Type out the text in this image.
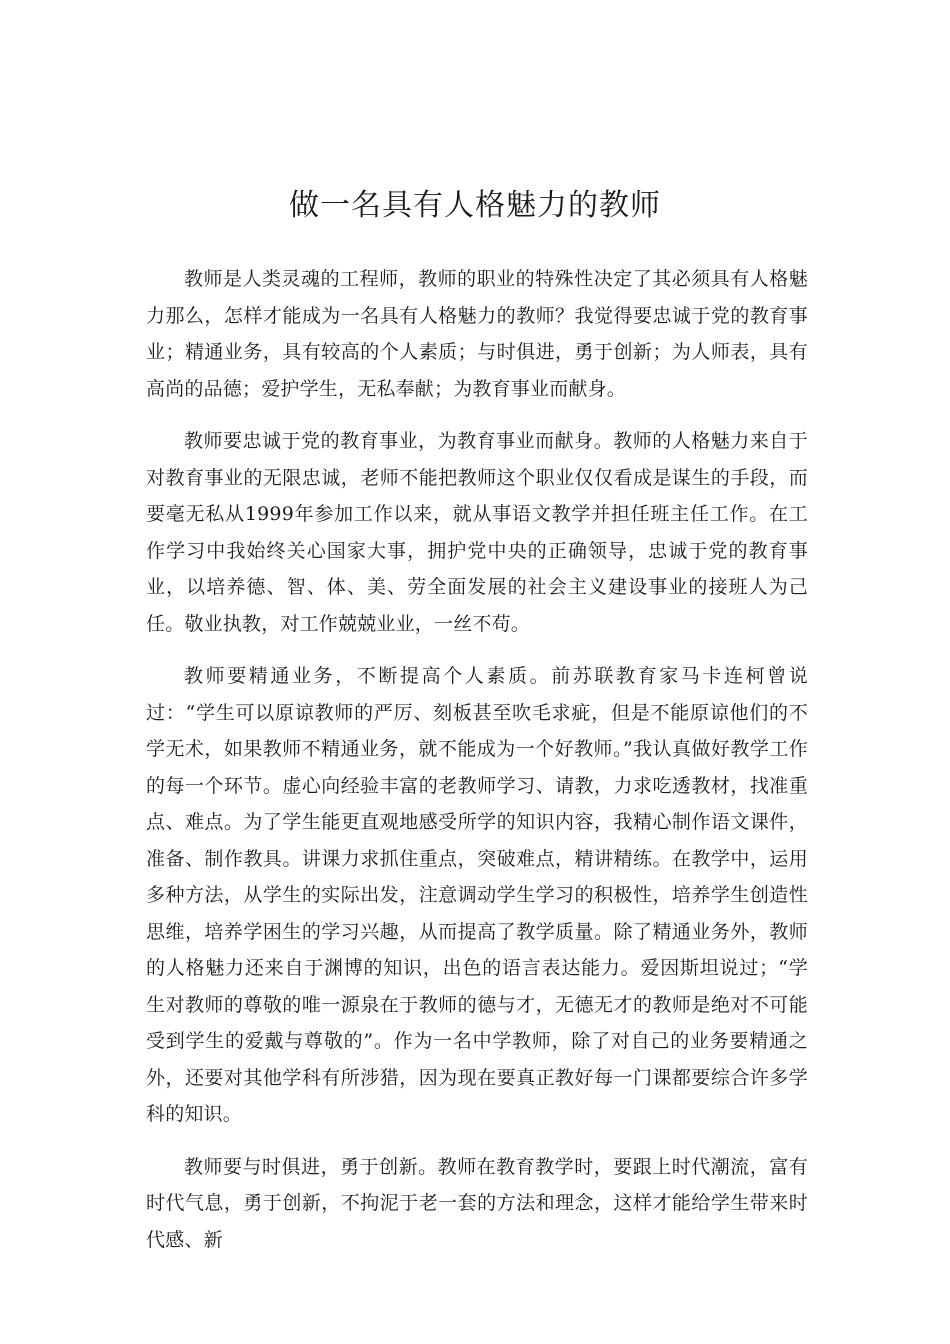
做一名具有人格魅力的教师

教师是人类灵魂的工程师，教师的职业的特殊性决定了其必须具有人格魅力那么，怎样才能成为一名具有人格魅力的教师？我觉得要忠诚于党的教育事业；精通业务，具有较高的个人素质；与时俱进，勇于创新；为人师表，具有高尚的品德；爱护学生，无私奉献；为教育事业而献身。

教师要忠诚于党的教育事业，为教育事业而献身。教师的人格魅力来自于对教育事业的无限忠诚，老师不能把教师这个职业仅仅看成是谋生的手段，而要毫无私从1999年参加工作以来，就从事语文教学并担任班主任工作。在工作学习中我始终关心国家大事，拥护党中央的正确领导，忠诚于党的教育事业，以培养德、智、体、美、劳全面发展的社会主义建设事业的接班人为己任。敬业执教，对工作兢兢业业，一丝不苟。

教师要精通业务，不断提高个人素质。前苏联教育家马卡连柯曾说过：“学生可以原谅教师的严厉、刻板甚至吹毛求疵，但是不能原谅他们的不学无术，如果教师不精通业务，就不能成为一个好教师。”我认真做好教学工作的每一个环节。虚心向经验丰富的老教师学习、请教，力求吃透教材，找准重点、难点。为了学生能更直观地感受所学的知识内容，我精心制作语文课件，准备、制作教具。讲课力求抓住重点，突破难点，精讲精练。在教学中，运用多种方法，从学生的实际出发，注意调动学生学习的积极性，培养学生创造性思维，培养学困生的学习兴趣，从而提高了教学质量。除了精通业务外，教师的人格魅力还来自于渊博的知识，出色的语言表达能力。爱因斯坦说过；“学生对教师的尊敬的唯一源泉在于教师的德与才，无德无才的教师是绝对不可能受到学生的爱戴与尊敬的”。作为一名中学教师，除了对自己的业务要精通之外，还要对其他学科有所涉猎，因为现在要真正教好每一门课都要综合许多学科的知识。

教师要与时俱进，勇于创新。教师在教育教学时，要跟上时代潮流，富有时代气息，勇于创新，不拘泥于老一套的方法和理念，这样才能给学生带来时代感、新
